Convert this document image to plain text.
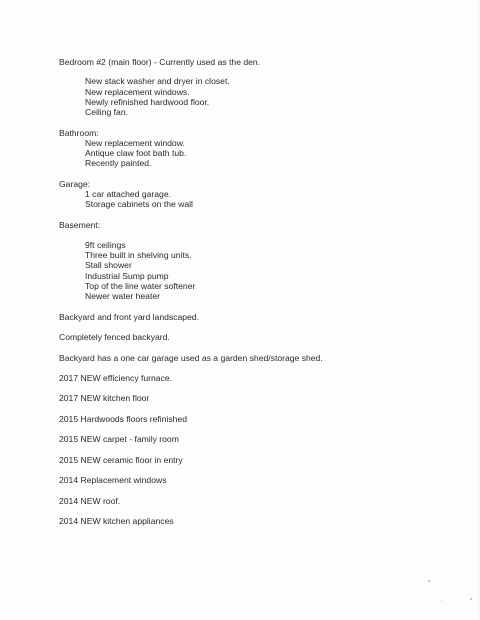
Bedroom #2 (main floor) - Currently used as the den.
New stack washer and dryer in closet.
New replacement windows.
Newly refinished hardwood floor.
Ceiling fan.
Bathroom:
New replacement window.
Antique claw foot bath tub.
Recently painted.
Garage:
1 car attached garage.
Storage cabinets on the wall
Basement:
9ft ceilings
Three built in shelving units.
Stall shower
Industrial Sump pump
Top of the line water softener
Newer water heater
Backyard and front yard landscaped.
Completely fenced backyard.
Backyard has a one car garage used as a garden shed/storage shed.
2017 NEW efficiency furnace.
2017 NEW kitchen floor
2015 Hardwoods floors refinished
2015 NEW carpet - family room
2015 NEW ceramic floor in entry
2014 Replacement windows
2014 NEW roof.
2014 NEW kitchen appliances
